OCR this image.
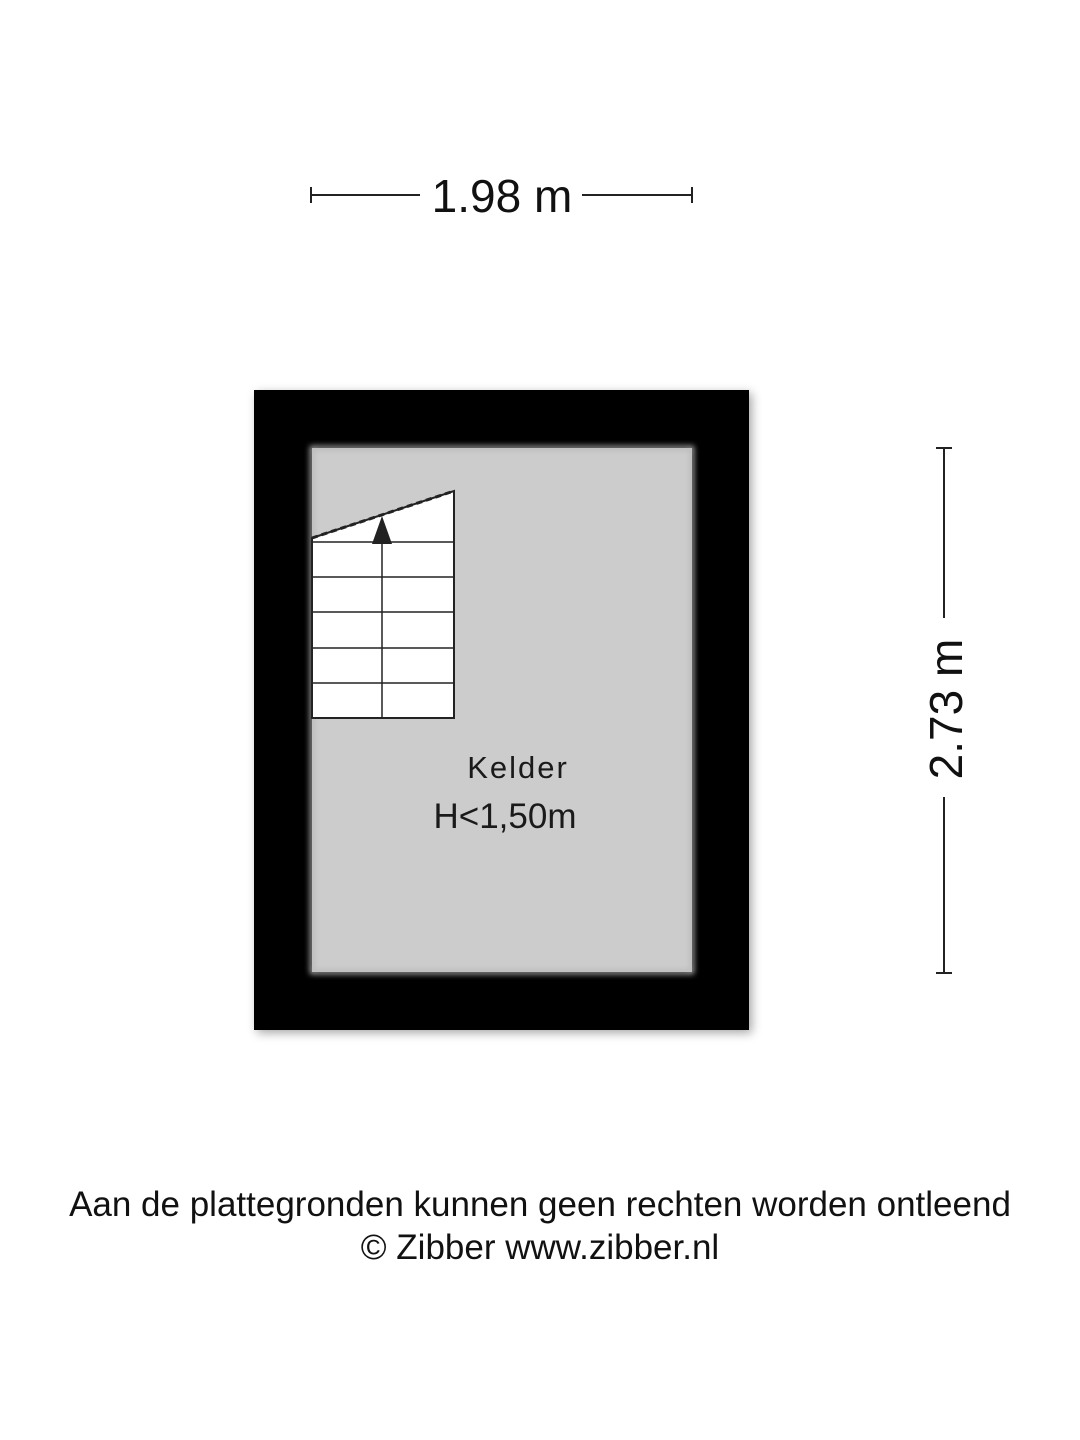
1.98 m
2.73 m
Kelder
H<1,50m
Aan de plattegronden kunnen geen rechten worden ontleend
© Zibber www.zibber.nl
